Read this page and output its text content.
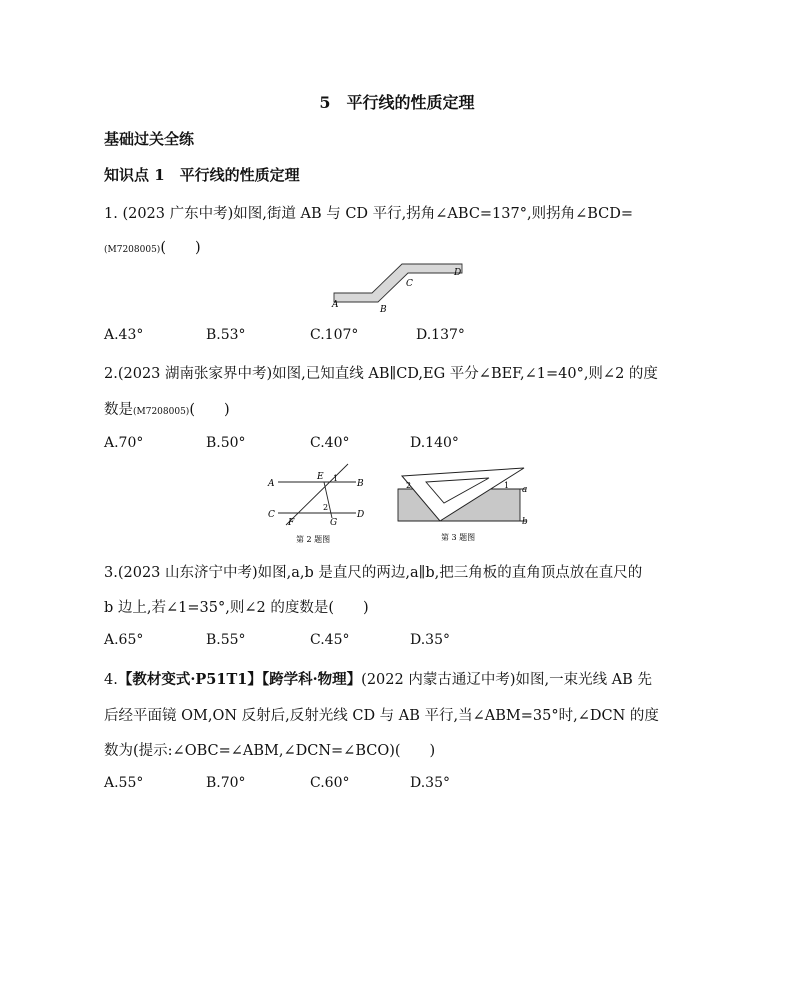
5　平行线的性质定理
基础过关全练
知识点 1　平行线的性质定理
1. (2023 广东中考)如图,街道 AB 与 CD 平行,拐角∠ABC=137°,则拐角∠BCD=
(M7208005)(　　)
A	B
C
D
A.43°	B.53°	C.107°	D.137°
2.(2023 湖南张家界中考)如图,已知直线 AB∥CD,EG 平分∠BEF,∠1=40°,则∠2 的度
数是(M7208005)(　　)
A.70°	B.50°	C.40°	D.140°
A	B
C	D
E
F	G
1
2
第 2 题图
1
2	a
b
第 3 题图
3.(2023 山东济宁中考)如图,a,b 是直尺的两边,a∥b,把三角板的直角顶点放在直尺的
b 边上,若∠1=35°,则∠2 的度数是(　　)
A.65°	B.55°	C.45°	D.35°
4.【教材变式·P51T1】【跨学科·物理】(2022 内蒙古通辽中考)如图,一束光线 AB 先
后经平面镜 OM,ON 反射后,反射光线 CD 与 AB 平行,当∠ABM=35°时,∠DCN 的度
数为(提示:∠OBC=∠ABM,∠DCN=∠BCO)(　　)
A.55°	B.70°	C.60°	D.35°
